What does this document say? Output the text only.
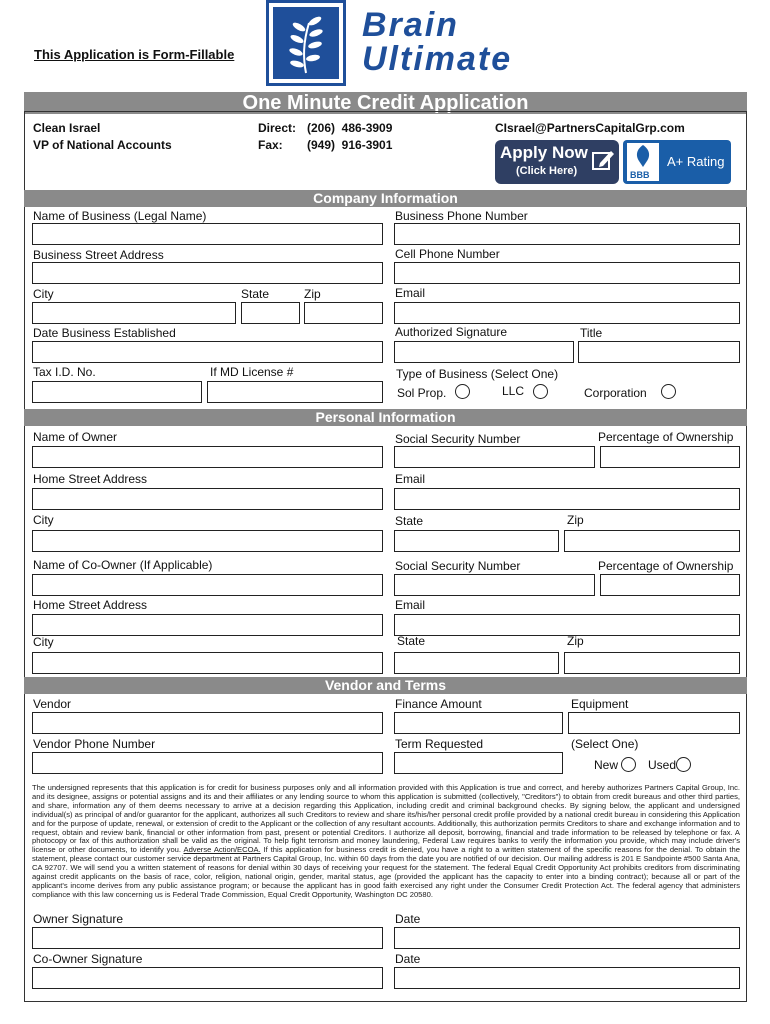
This Application is Form-Fillable
Brain
Ultimate
One Minute Credit Application
Clean Israel
VP of National Accounts
Direct: (206)  486-3909
Fax: (949)  916-3901
CIsrael@PartnersCapitalGrp.com
Apply Now
(Click Here)	BBB
A+ Rating
Company Information
Name of Business (Legal Name)	Business Phone Number
Business Street Address	Cell Phone Number
City	State	Zip	Email
Date Business Established	Authorized Signature	Title
Tax I.D. No.	If MD License #	Type of Business (Select One)
Sol Prop.	LLC	Corporation
Personal Information
Name of Owner	Social Security Number	Percentage of Ownership
Home Street Address	Email
City	State	Zip
Name of Co-Owner (If Applicable)	Social Security Number	Percentage of Ownership
Home Street Address	Email
City	State	Zip
Vendor and Terms
Vendor	Finance Amount	Equipment
Vendor Phone Number	Term Requested	(Select One)
New Used
The undersigned represents that this application is for credit for business purposes only and all information provided with this Application is true and correct, and hereby authorizes Partners Capital Group, Inc. and its designee, assigns or potential assigns and its and their affiliates or any lending source to whom this application is submitted (collectively, "Creditors") to obtain from credit bureaus and other third parties, and share, information any of them deems necessary to arrive at a decision regarding this Application, including credit and criminal background checks. By signing below, the applicant and undersigned individual(s) as principal of and/or guarantor for the applicant, authorizes all such Creditors to review and share its/his/her personal credit profile provided by a national credit bureau in considering this Application and for the purpose of update, renewal, or extension of credit to the Applicant or the collection of any resultant accounts. Additionally, this authorization permits Creditors to share and exchange information and to request, obtain and review bank, financial or other information from past, present or potential Creditors. I authorize all deposit, borrowing, financial and trade information to be released by telephone or fax. A photocopy or fax of this authorization shall be valid as the original. To help fight terrorism and money laundering, Federal Law requires banks to verify the information you provide, which may include driver's license or other documents, to identify you. Adverse Action/ECOA. If this application for business credit is denied, you have a right to a written statement of the specific reasons for the denial. To obtain the statement, please contact our customer service department at Partners Capital Group, Inc. within 60 days from the date you are notified of our decision. Our mailing address is 201 E Sandpointe #500 Santa Ana, CA 92707. We will send you a written statement of reasons for denial within 30 days of receiving your request for the statement. The federal Equal Credit Opportunity Act prohibits creditors from discriminating against credit applicants on the basis of race, color, religion, national origin, gender, marital status, age (provided the applicant has the capacity to enter into a binding contract); because all or part of the applicant's income derives from any public assistance program; or because the applicant has in good faith exercised any right under the Consumer Credit Protection Act. The federal agency that administers compliance with this law concerning us is Federal Trade Commission, Equal Credit Opportunity, Washington DC 20580.
Owner Signature	Date
Co-Owner Signature	Date
